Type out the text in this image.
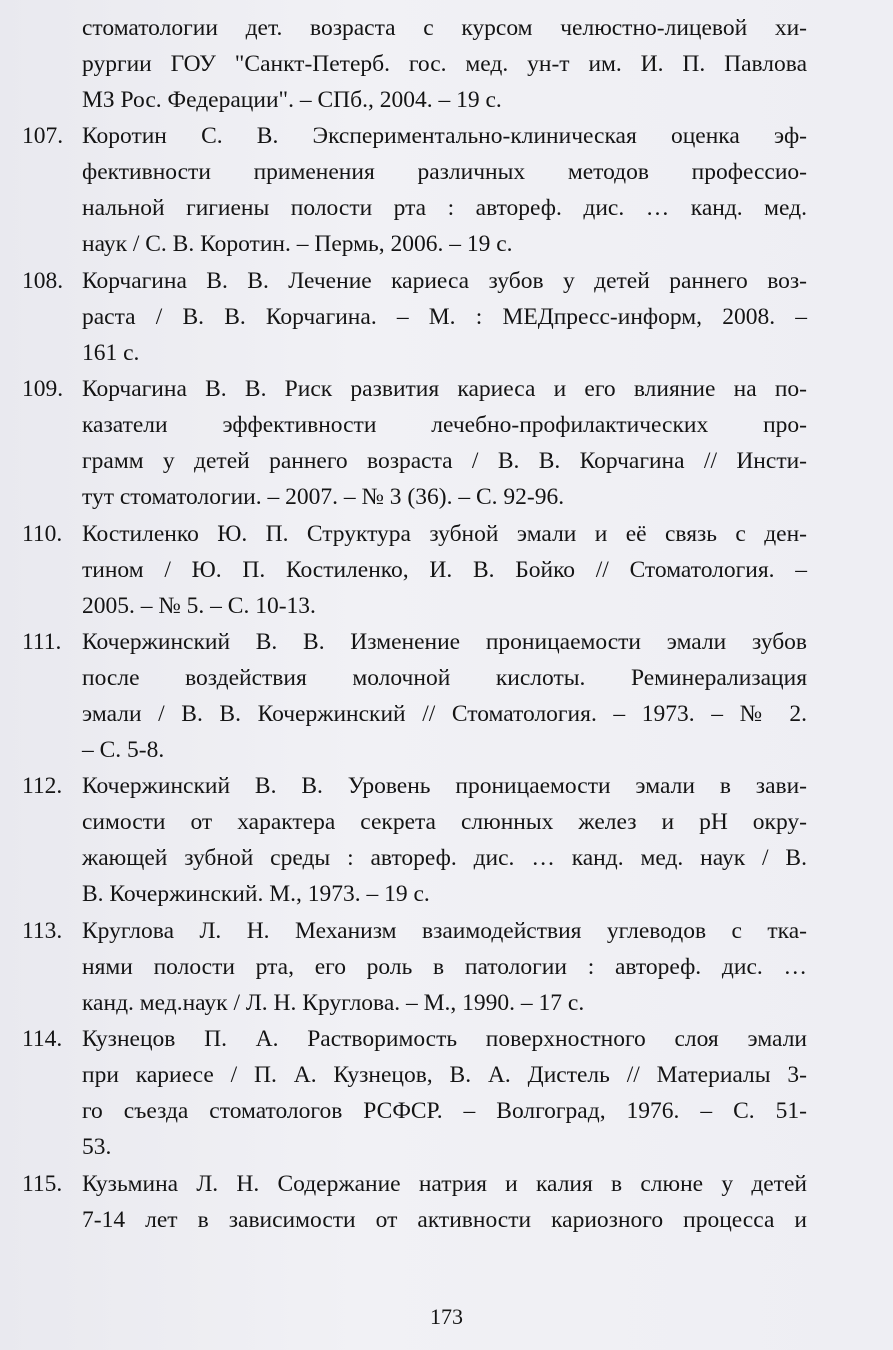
стоматологии дет. возраста с курсом челюстно-лицевой хи-
рургии ГОУ "Санкт-Петерб. гос. мед. ун-т им. И. П. Павлова
МЗ Рос. Федерации". – СПб., 2004. – 19 с.
107. Коротин С. В. Экспериментально-клиническая оценка эф-
фективности применения различных методов профессио-
нальной гигиены полости рта : автореф. дис. … канд. мед.
наук / С. В. Коротин. – Пермь, 2006. – 19 с.
108. Корчагина В. В. Лечение кариеса зубов у детей раннего воз-
раста / В. В. Корчагина. – М. : МЕДпресс-информ, 2008. –
161 с.
109. Корчагина В. В. Риск развития кариеса и его влияние на по-
казатели эффективности лечебно-профилактических про-
грамм у детей раннего возраста / В. В. Корчагина // Инсти-
тут стоматологии. – 2007. – № 3 (36). – С. 92-96.
110. Костиленко Ю. П. Структура зубной эмали и её связь с ден-
тином / Ю. П. Костиленко, И. В. Бойко // Стоматология. –
2005. – № 5. – С. 10-13.
111. Кочержинский В. В. Изменение проницаемости эмали зубов
после воздействия молочной кислоты. Реминерализация
эмали / В. В. Кочержинский // Стоматология. – 1973. – № 2.
– С. 5-8.
112. Кочержинский В. В. Уровень проницаемости эмали в зави-
симости от характера секрета слюнных желез и pH окру-
жающей зубной среды : автореф. дис. … канд. мед. наук / В.
В. Кочержинский. М., 1973. – 19 с.
113. Круглова Л. Н. Механизм взаимодействия углеводов с тка-
нями полости рта, его роль в патологии : автореф. дис. …
канд. мед.наук / Л. Н. Круглова. – М., 1990. – 17 с.
114. Кузнецов П. А. Растворимость поверхностного слоя эмали
при кариесе / П. А. Кузнецов, В. А. Дистель // Материалы 3-
го съезда стоматологов РСФСР. – Волгоград, 1976. – С. 51-
53.
115. Кузьмина Л. Н. Содержание натрия и калия в слюне у детей
7-14 лет в зависимости от активности кариозного процесса и
173
